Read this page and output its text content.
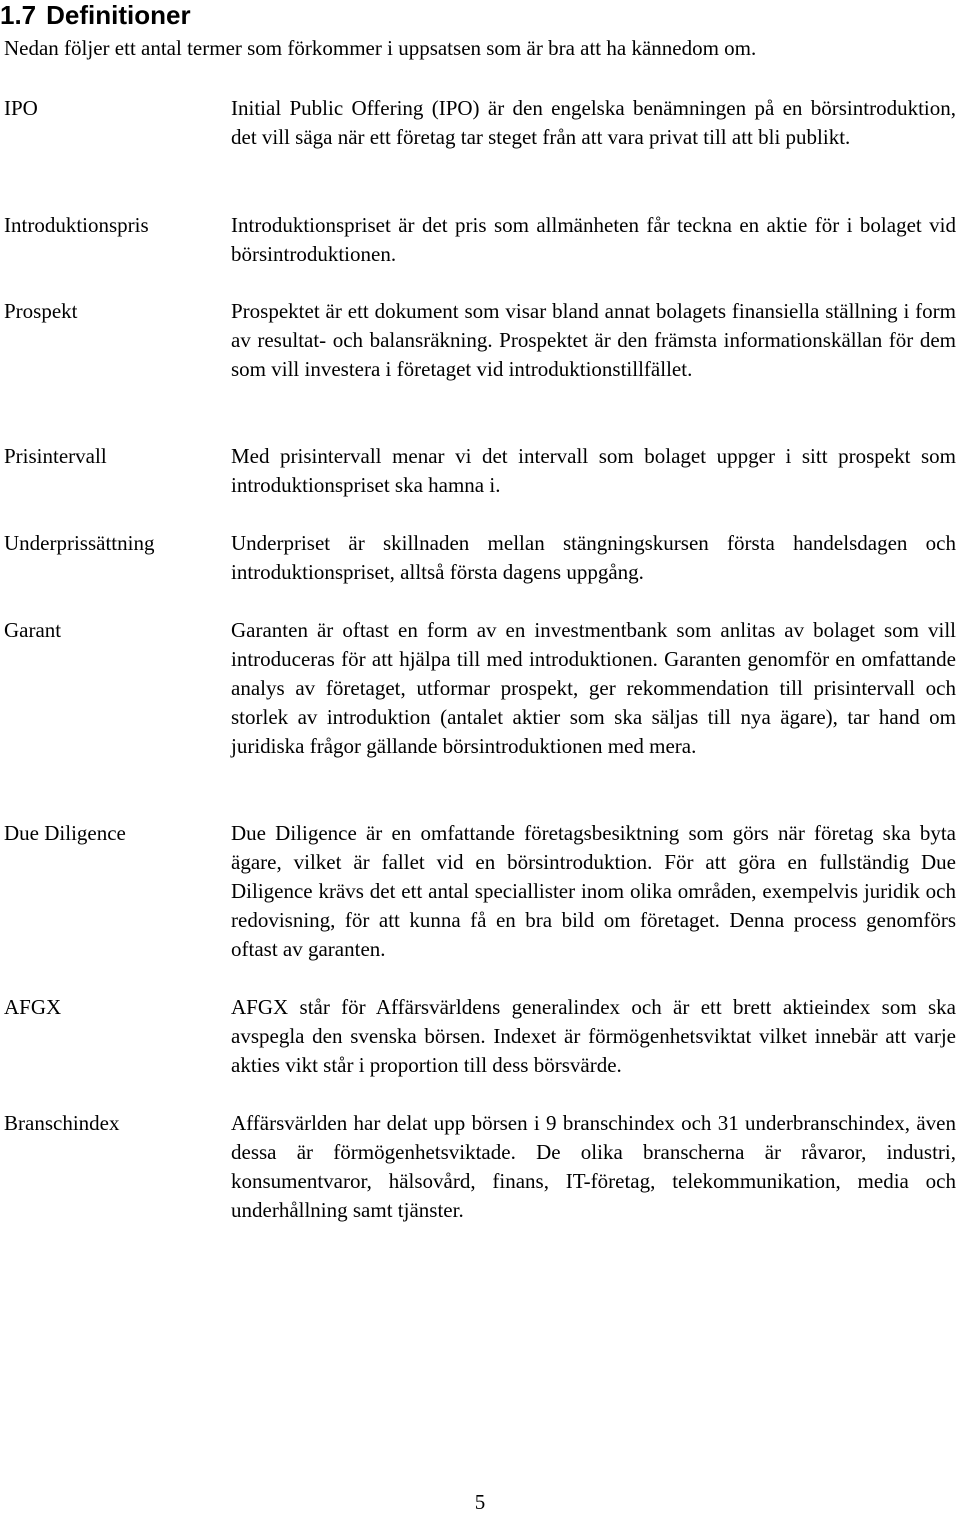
1.7 Definitioner

Nedan följer ett antal termer som förkommer i uppsatsen som är bra att ha kännedom om.

IPO	Initial Public Offering (IPO) är den engelska benämningen på en börsintroduktion, det vill säga när ett företag tar steget från att vara privat till att bli publikt.

Introduktionspris	Introduktionspriset är det pris som allmänheten får teckna en aktie för i bolaget vid börsintroduktionen.

Prospekt	Prospektet är ett dokument som visar bland annat bolagets finansiella ställning i form av resultat- och balansräkning. Prospektet är den främsta informationskällan för dem som vill investera i företaget vid introduktionstillfället.

Prisintervall	Med prisintervall menar vi det intervall som bolaget uppger i sitt prospekt som introduktionspriset ska hamna i.

Underprissättning	Underpriset är skillnaden mellan stängningskursen första handelsdagen och introduktionspriset, alltså första dagens uppgång.

Garant	Garanten är oftast en form av en investmentbank som anlitas av bolaget som vill introduceras för att hjälpa till med introduktionen. Garanten genomför en omfattande analys av företaget, utformar prospekt, ger rekommendation till prisintervall och storlek av introduktion (antalet aktier som ska säljas till nya ägare), tar hand om juridiska frågor gällande börsintroduktionen med mera.

Due Diligence	Due Diligence är en omfattande företagsbesiktning som görs när företag ska byta ägare, vilket är fallet vid en börsintroduktion. För att göra en fullständig Due Diligence krävs det ett antal speciallister inom olika områden, exempelvis juridik och redovisning, för att kunna få en bra bild om företaget. Denna process genomförs oftast av garanten.

AFGX	AFGX står för Affärsvärldens generalindex och är ett brett aktieindex som ska avspegla den svenska börsen. Indexet är förmögenhetsviktat vilket innebär att varje akties vikt står i proportion till dess börsvärde.

Branschindex	Affärsvärlden har delat upp börsen i 9 branschindex och 31 underbranschindex, även dessa är förmögenhetsviktade. De olika branscherna är råvaror, industri, konsumentvaror, hälsovård, finans, IT-företag, telekommunikation, media och underhållning samt tjänster.

5
